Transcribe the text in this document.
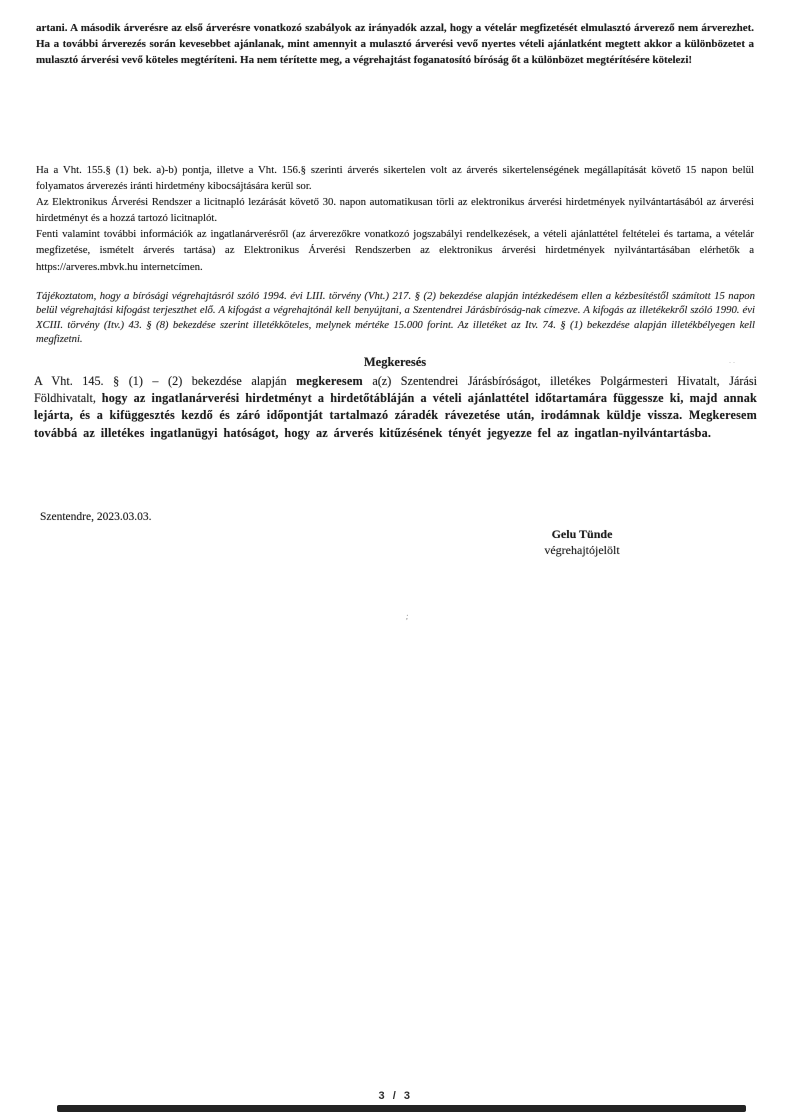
artani. A második árverésre az első árverésre vonatkozó szabályok az irányadók azzal, hogy a vételár megfizetését elmulasztó árverező nem árverezhet. Ha a további árverezés során kevesebbet ajánlanak, mint amennyit a mulasztó árverési vevő nyertes vételi ajánlatként megtett akkor a különbözetet a mulasztó árverési vevő köteles megtéríteni. Ha nem térítette meg, a végrehajtást foganatosító bíróság őt a különbözet megtérítésére kötelezi!

Ha a Vht. 155.§ (1) bek. a)-b) pontja, illetve a Vht. 156.§ szerinti árverés sikertelen volt az árverés sikertelenségének megállapítását követő 15 napon belül folyamatos árverezés iránti hirdetmény kibocsájtására kerül sor.

Az Elektronikus Árverési Rendszer a licitnapló lezárását követő 30. napon automatikusan törli az elektronikus árverési hirdetmények nyilvántartásából az árverési hirdetményt és a hozzá tartozó licitnaplót.

Fenti valamint további információk az ingatlanárverésről (az árverezőkre vonatkozó jogszabályi rendelkezések, a vételi ajánlattétel feltételei és tartama, a vételár megfizetése, ismételt árverés tartása) az Elektronikus Árverési Rendszerben az elektronikus árverési hirdetmények nyilvántartásában elérhetők a https://arveres.mbvk.hu internetcímen.

Tájékoztatom, hogy a bírósági végrehajtásról szóló 1994. évi LIII. törvény (Vht.) 217. § (2) bekezdése alapján intézkedésem ellen a kézbesítéstől számított 15 napon belül végrehajtási kifogást terjeszthet elő. A kifogást a végrehajtónál kell benyújtani, a Szentendrei Járásbíróság-nak címezve. A kifogás az illetékekről szóló 1990. évi XCIII. törvény (Itv.) 43. § (8) bekezdése szerint illetékköteles, melynek mértéke 15.000 forint. Az illetéket az Itv. 74. § (1) bekezdése alapján illetékbélyegen kell megfizetni.

Megkeresés	..

A Vht. 145. § (1) – (2) bekezdése alapján megkeresem a(z) Szentendrei Járásbíróságot, illetékes Polgármesteri Hivatalt, Járási Földhivatalt, hogy az ingatlanárverési hirdetményt a hirdetőtábláján a vételi ajánlattétel időtartamára függessze ki, majd annak lejárta, és a kifüggesztés kezdő és záró időpontját tartalmazó záradék rávezetése után, irodámnak küldje vissza. Megkeresem továbbá az illetékes ingatlanügyi hatóságot, hogy az árverés kitűzésének tényét jegyezze fel az ingatlan-nyilvántartásba.

Szentendre, 2023.03.03.
Gelu Tünde
végrehajtójelölt
;
3 / 3
